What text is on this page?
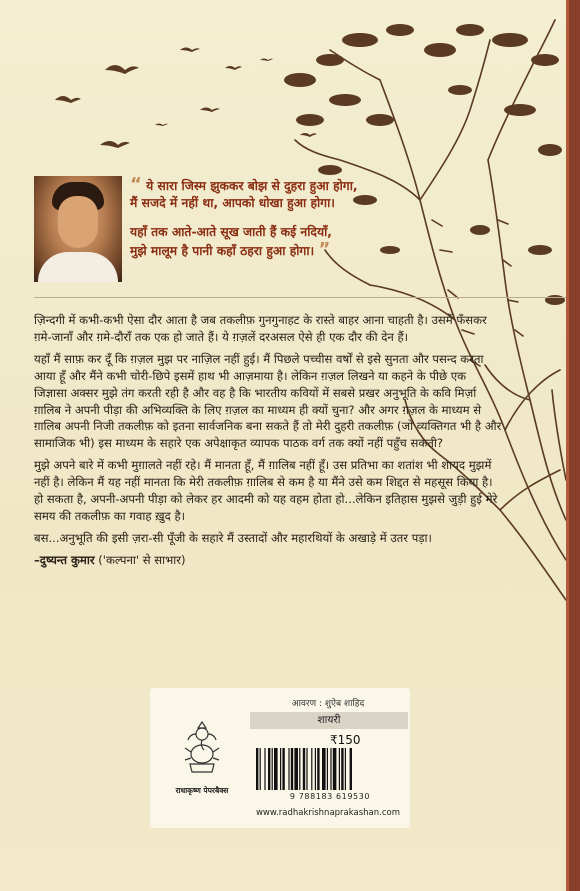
“ ये सारा जिस्म झुककर बोझ से दुहरा हुआ होगा,

मैं सजदे में नहीं था, आपको धोखा हुआ होगा।

यहाँ तक आते-आते सूख जाती हैं कई नदियाँ,

मुझे मालूम है पानी कहाँ ठहरा हुआ होगा। ”

ज़िन्दगी में कभी-कभी ऐसा दौर आता है जब तकलीफ़ गुनगुनाहट के रास्ते बाहर आना चाहती है। उसमें फँसकर ग़मे-जानाँ और ग़मे-दौराँ तक एक हो जाते हैं। ये ग़ज़लें दरअसल ऐसे ही एक दौर की देन हैं।

यहाँ मैं साफ़ कर दूँ कि ग़ज़ल मुझ पर नाज़िल नहीं हुई। मैं पिछले पच्चीस वर्षों से इसे सुनता और पसन्द करता आया हूँ और मैंने कभी चोरी-छिपे इसमें हाथ भी आज़माया है। लेकिन ग़ज़ल लिखने या कहने के पीछे एक जिज्ञासा अक्सर मुझे तंग करती रही है और वह है कि भारतीय कवियों में सबसे प्रखर अनुभूति के कवि मिर्ज़ा ग़ालिब ने अपनी पीड़ा की अभिव्यक्ति के लिए ग़ज़ल का माध्यम ही क्यों चुना? और अगर ग़ज़ल के माध्यम से ग़ालिब अपनी निजी तकलीफ़ को इतना सार्वजनिक बना सकते हैं तो मेरी दुहरी तकलीफ़ (जो व्यक्तिगत भी है और सामाजिक भी) इस माध्यम के सहारे एक अपेक्षाकृत व्यापक पाठक वर्ग तक क्यों नहीं पहुँच सकती?

मुझे अपने बारे में कभी मुग़ालते नहीं रहे। मैं मानता हूँ, मैं ग़ालिब नहीं हूँ। उस प्रतिभा का शतांश भी शायद मुझमें नहीं है। लेकिन मैं यह नहीं मानता कि मेरी तकलीफ़ ग़ालिब से कम है या मैंने उसे कम शिद्दत से महसूस किया है। हो सकता है, अपनी-अपनी पीड़ा को लेकर हर आदमी को यह वहम होता हो...लेकिन इतिहास मुझसे जुड़ी हुई मेरे समय की तकलीफ़ का गवाह ख़ुद है।

बस...अनुभूति की इसी ज़रा-सी पूँजी के सहारे मैं उस्तादों और महारथियों के अखाड़े में उतर पड़ा।

–दुष्यन्त कुमार ('कल्पना' से साभार)

आवरण : शुऐब शाहिद
शायरी
₹150
9 788183 619530
www.radhakrishnaprakashan.com
राधाकृष्ण पेपरबैक्स
